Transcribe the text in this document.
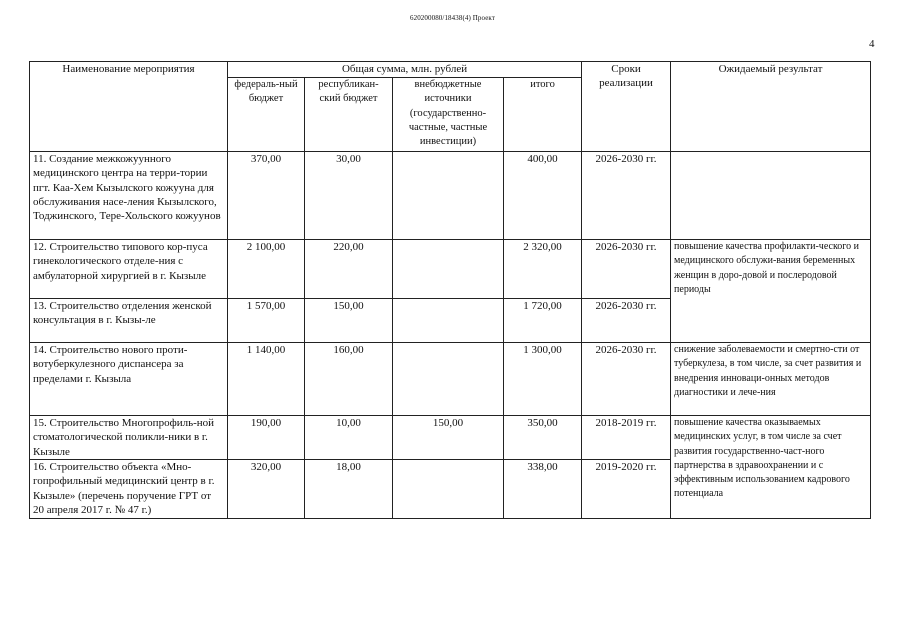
620200080/18438(4) Проект
4
Наименование мероприятия	Общая сумма, млн. рублей				Сроки реализации	Ожидаемый результат
	федераль-ный бюджет	республикан-ский бюджет	внебюджетные источники (государственно-частные, частные инвестиции)	итого		
11. Создание межкожуунного медицинского центра на терри-тории пгт. Каа-Хем Кызылского кожууна для обслуживания насе-ления Кызылского, Тоджинского, Тере-Хольского кожуунов	370,00	30,00		400,00	2026-2030 гг.	
12. Строительство типового кор-пуса гинекологического отделе-ния с амбулаторной хирургией в г. Кызыле	2 100,00	220,00		2 320,00	2026-2030 гг.	повышение качества профилакти-ческого и медицинского обслужи-вания беременных женщин в доро-довой и послеродовой периоды
13. Строительство отделения женской консультация в г. Кызы-ле	1 570,00	150,00		1 720,00	2026-2030 гг.	
14. Строительство нового проти-вотуберкулезного диспансера за пределами г. Кызыла	1 140,00	160,00		1 300,00	2026-2030 гг.	снижение заболеваемости и смертно-сти от туберкулеза, в том числе, за счет развития и внедрения инноваци-онных методов диагностики и лече-ния
15. Строительство Многопрофиль-ной стоматологической поликли-ники в г. Кызыле	190,00	10,00	150,00	350,00	2018-2019 гг.	повышение качества оказываемых медицинских услуг, в том числе за счет развития государственно-част-ного партнерства в здравоохранении и с эффективным использованием кадрового потенциала
16. Строительство объекта «Мно-гопрофильный медицинский центр в г. Кызыле» (перечень поручение ГРТ от 20 апреля 2017 г. № 47 г.)	320,00	18,00		338,00	2019-2020 гг.	
